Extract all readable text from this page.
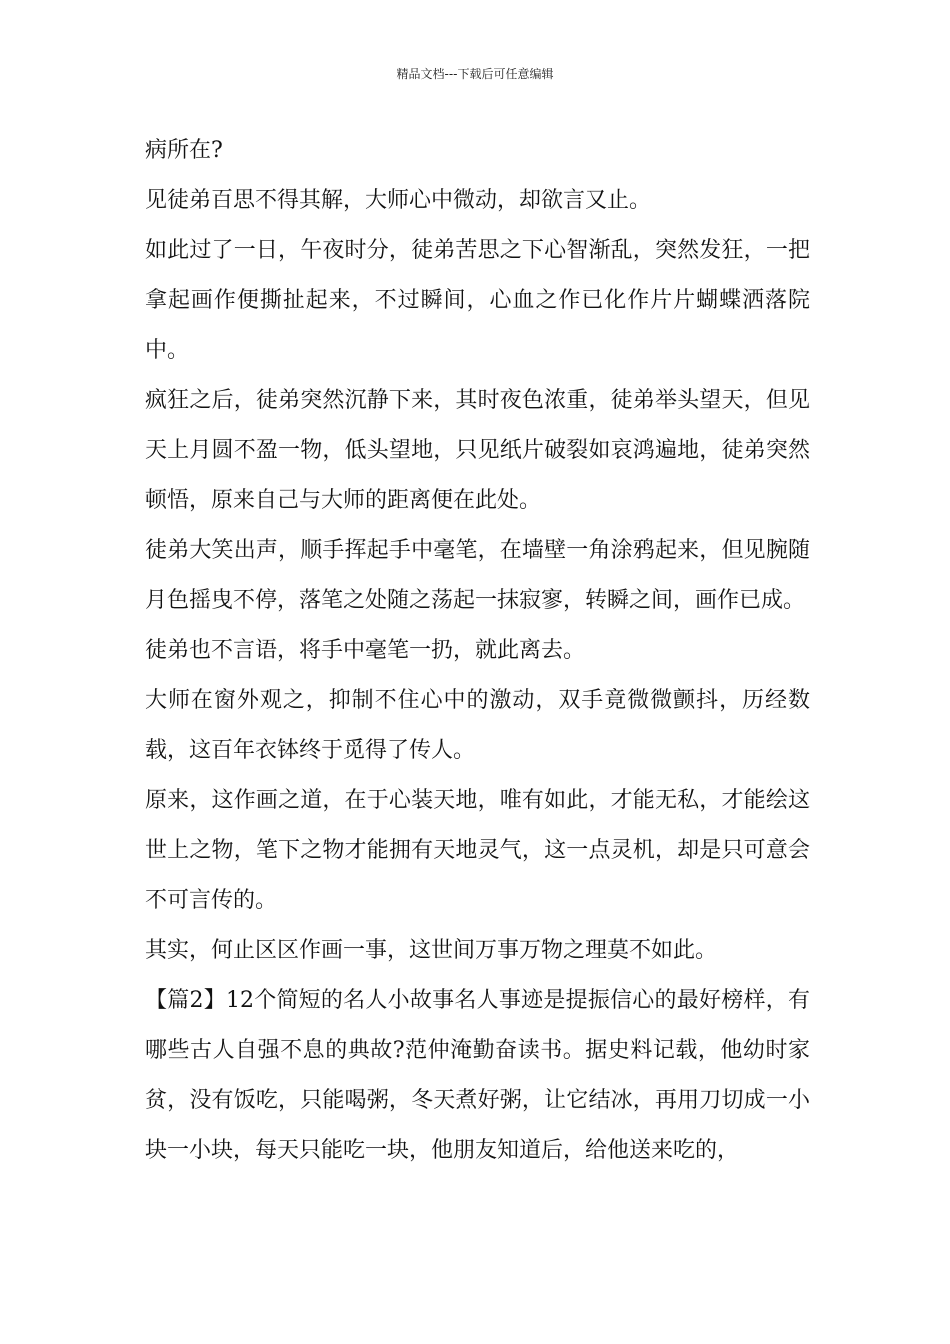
精品文档---下载后可任意编辑

病所在?

见徒弟百思不得其解，大师心中微动，却欲言又止。

如此过了一日，午夜时分，徒弟苦思之下心智渐乱，突然发狂，一把拿起画作便撕扯起来，不过瞬间，心血之作已化作片片蝴蝶洒落院中。

疯狂之后，徒弟突然沉静下来，其时夜色浓重，徒弟举头望天，但见天上月圆不盈一物，低头望地，只见纸片破裂如哀鸿遍地，徒弟突然顿悟，原来自己与大师的距离便在此处。

徒弟大笑出声，顺手挥起手中毫笔，在墙壁一角涂鸦起来，但见腕随月色摇曳不停，落笔之处随之荡起一抹寂寥，转瞬之间，画作已成。

徒弟也不言语，将手中毫笔一扔，就此离去。

大师在窗外观之，抑制不住心中的激动，双手竟微微颤抖，历经数载，这百年衣钵终于觅得了传人。

原来，这作画之道，在于心装天地，唯有如此，才能无私，才能绘这世上之物，笔下之物才能拥有天地灵气，这一点灵机，却是只可意会不可言传的。

其实，何止区区作画一事，这世间万事万物之理莫不如此。

【篇2】12个简短的名人小故事名人事迹是提振信心的最好榜样，有哪些古人自强不息的典故?范仲淹勤奋读书。据史料记载，他幼时家贫，没有饭吃，只能喝粥，冬天煮好粥，让它结冰，再用刀切成一小块一小块，每天只能吃一块，他朋友知道后，给他送来吃的，
